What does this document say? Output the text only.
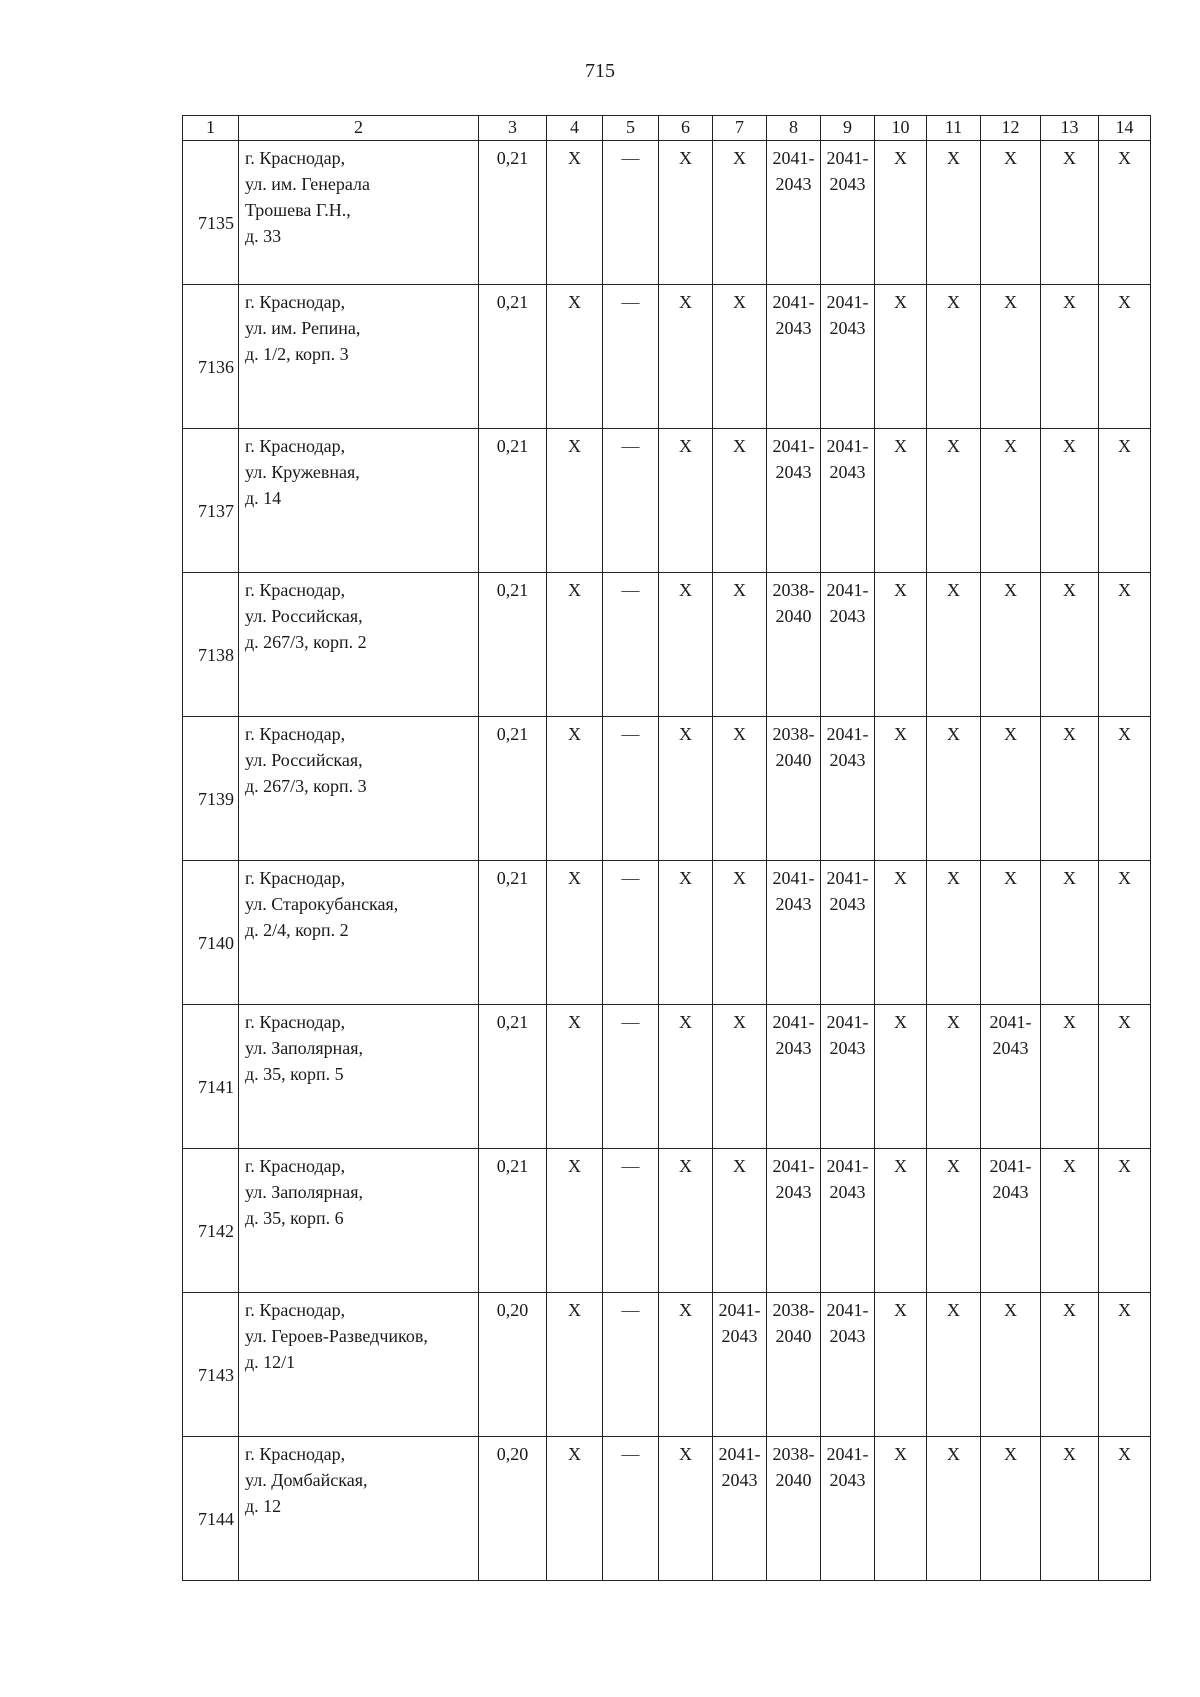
715
1	2	3	4	5	6	7	8	9	10	11	12	13	14
7135	г. Краснодар,
ул. им. Генерала
Трошева Г.Н.,
д. 33	0,21	X	—	X	X	2041-
2043	2041-
2043	X	X	X	X	X

7136	г. Краснодар,
ул. им. Репина,
д. 1/2, корп. 3	0,21	X	—	X	X	2041-
2043	2041-
2043	X	X	X	X	X

7137	г. Краснодар,
ул. Кружевная,
д. 14	0,21	X	—	X	X	2041-
2043	2041-
2043	X	X	X	X	X

7138	г. Краснодар,
ул. Российская,
д. 267/3, корп. 2	0,21	X	—	X	X	2038-
2040	2041-
2043	X	X	X	X	X

7139	г. Краснодар,
ул. Российская,
д. 267/3, корп. 3	0,21	X	—	X	X	2038-
2040	2041-
2043	X	X	X	X	X

7140	г. Краснодар,
ул. Старокубанская,
д. 2/4, корп. 2	0,21	X	—	X	X	2041-
2043	2041-
2043	X	X	X	X	X

7141	г. Краснодар,
ул. Заполярная,
д. 35, корп. 5	0,21	X	—	X	X	2041-
2043	2041-
2043	X	X	2041-
2043	X	X

7142	г. Краснодар,
ул. Заполярная,
д. 35, корп. 6	0,21	X	—	X	X	2041-
2043	2041-
2043	X	X	2041-
2043	X	X

7143	г. Краснодар,
ул. Героев-Разведчиков,
д. 12/1	0,20	X	—	X	2041-
2043	2038-
2040	2041-
2043	X	X	X	X	X

7144	г. Краснодар,
ул. Домбайская,
д. 12	0,20	X	—	X	2041-
2043	2038-
2040	2041-
2043	X	X	X	X	X
